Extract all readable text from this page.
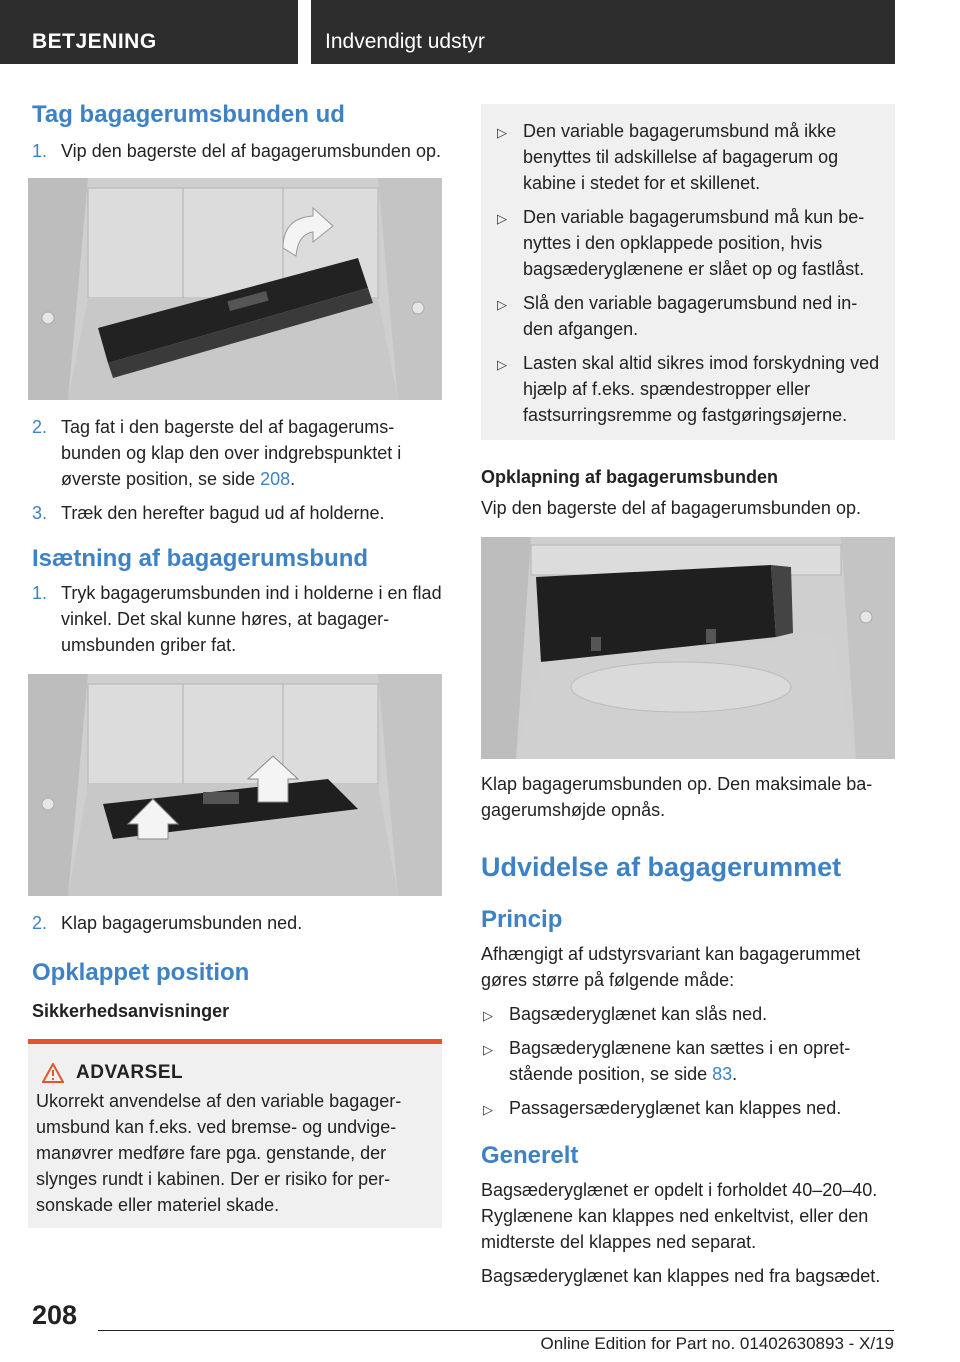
BETJENING	Indvendigt udstyr
Tag bagagerumsbunden ud
1. Vip den bagerste del af bagagerumsbunden op.
2. Tag fat i den bagerste del af bagagerumsbunden og klap den over indgrebspunktet i øverste position, se side 208.
3. Træk den herefter bagud ud af holderne.
Isætning af bagagerumsbund
1. Tryk bagagerumsbunden ind i holderne i en flad vinkel. Det skal kunne høres, at bagagerumsbunden griber fat.
2. Klap bagagerumsbunden ned.
Opklappet position
Sikkerhedsanvisninger
ADVARSEL
Ukorrekt anvendelse af den variable bagagerumsbund kan f.eks. ved bremse- og undvigemanøvrer medføre fare pga. genstande, der slynges rundt i kabinen. Der er risiko for personskade eller materiel skade.
▷ Den variable bagagerumsbund må ikke benyttes til adskillelse af bagagerum og kabine i stedet for et skillenet.
▷ Den variable bagagerumsbund må kun benyttes i den opklappede position, hvis bagsæderyglænene er slået op og fastlåst.
▷ Slå den variable bagagerumsbund ned inden afgangen.
▷ Lasten skal altid sikres imod forskydning ved hjælp af f.eks. spændestropper eller fastsurringsremme og fastgøringsøjerne.
Opklapning af bagagerumsbunden
Vip den bagerste del af bagagerumsbunden op.
Klap bagagerumsbunden op. Den maksimale bagagerumshøjde opnås.
Udvidelse af bagagerummet
Princip
Afhængigt af udstyrsvariant kan bagagerummet gøres større på følgende måde:
▷ Bagsæderyglænet kan slås ned.
▷ Bagsæderyglænene kan sættes i en opretstående position, se side 83.
▷ Passagersæderyglænet kan klappes ned.
Generelt
Bagsæderyglænet er opdelt i forholdet 40–20–40. Ryglænene kan klappes ned enkeltvist, eller den midterste del klappes ned separat.
Bagsæderyglænet kan klappes ned fra bagsædet.
208
Online Edition for Part no. 01402630893 - X/19
